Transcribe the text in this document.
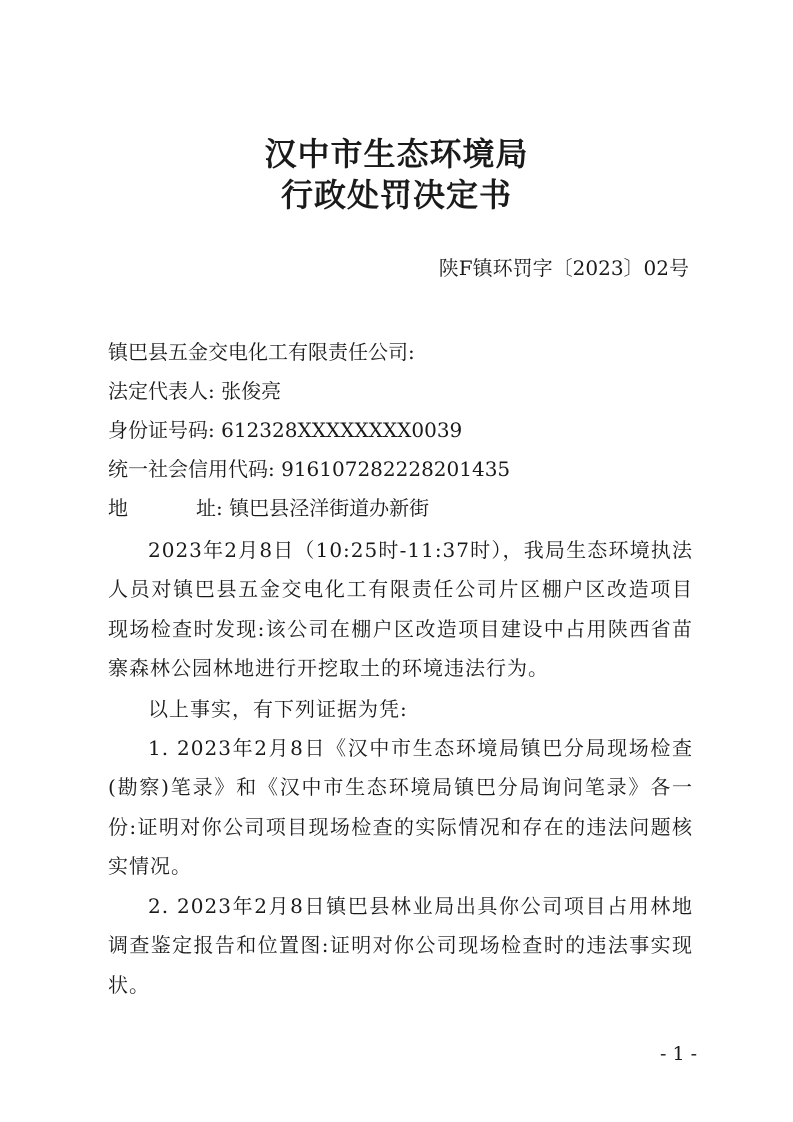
汉中市生态环境局
行政处罚决定书
陕F镇环罚字〔2023〕02号
镇巴县五金交电化工有限责任公司:
法定代表人: 张俊亮
身份证号码: 612328XXXXXXXX0039
统一社会信用代码: 916107282228201435
地	址: 镇巴县泾洋街道办新街

2023年2月8日（10:25时-11:37时），我局生态环境执法人员对镇巴县五金交电化工有限责任公司片区棚户区改造项目现场检查时发现:该公司在棚户区改造项目建设中占用陕西省苗寨森林公园林地进行开挖取土的环境违法行为。

以上事实，有下列证据为凭:

1. 2023年2月8日《汉中市生态环境局镇巴分局现场检查(勘察)笔录》和《汉中市生态环境局镇巴分局询问笔录》各一份:证明对你公司项目现场检查的实际情况和存在的违法问题核实情况。

2. 2023年2月8日镇巴县林业局出具你公司项目占用林地调查鉴定报告和位置图:证明对你公司现场检查时的违法事实现状。

- 1 -
